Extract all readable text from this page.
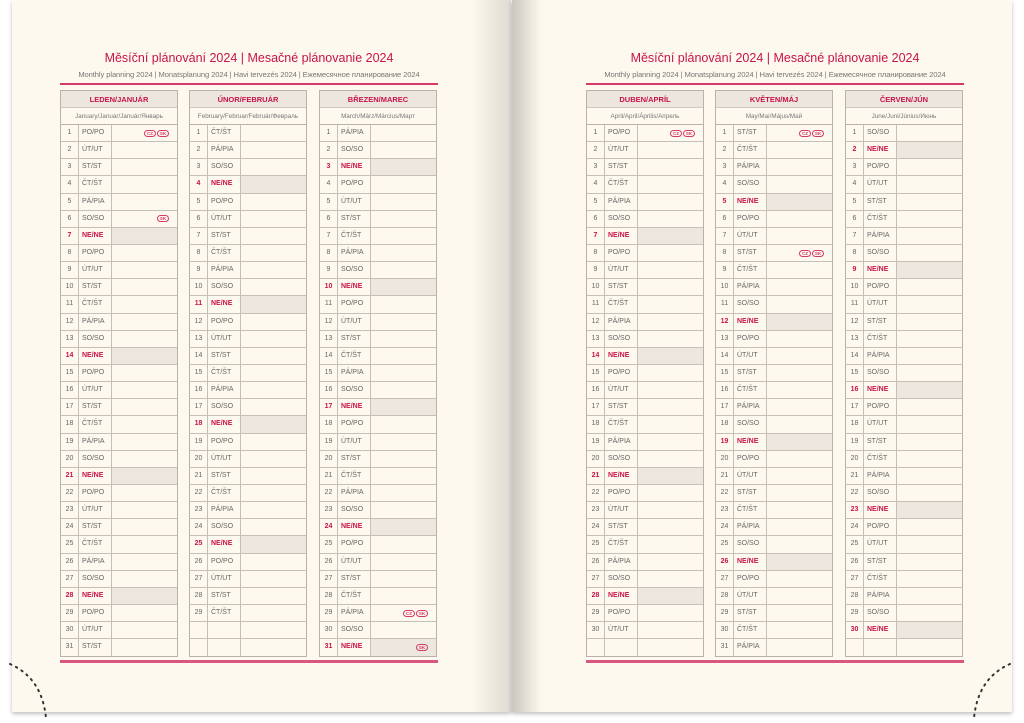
Měsíční plánování 2024 | Mesačné plánovanie 2024
Monthly planning 2024 | Monatsplanung 2024 | Havi tervezés 2024 | Ежемесячное планирование 2024
LEDEN/JANUÁR
January/Januar/Január/Январь
1	PO/PO	CZ	SK
2	ÚT/UT
3	ST/ST
4	ČT/ŠT
5	PÁ/PIA
6	SO/SO	SK
7	NE/NE
8	PO/PO
9	ÚT/UT
10	ST/ST
11	ČT/ŠT
12	PÁ/PIA
13	SO/SO
14	NE/NE
15	PO/PO
16	ÚT/UT
17	ST/ST
18	ČT/ŠT
19	PÁ/PIA
20	SO/SO
21	NE/NE
22	PO/PO
23	ÚT/UT
24	ST/ST
25	ČT/ŠT
26	PÁ/PIA
27	SO/SO
28	NE/NE
29	PO/PO
30	ÚT/UT
31	ST/ST
ÚNOR/FEBRUÁR
February/Februar/Február/Февраль
1	ČT/ŠT
2	PÁ/PIA
3	SO/SO
4	NE/NE
5	PO/PO
6	ÚT/UT
7	ST/ST
8	ČT/ŠT
9	PÁ/PIA
10	SO/SO
11	NE/NE
12	PO/PO
13	ÚT/UT
14	ST/ST
15	ČT/ŠT
16	PÁ/PIA
17	SO/SO
18	NE/NE
19	PO/PO
20	ÚT/UT
21	ST/ST
22	ČT/ŠT
23	PÁ/PIA
24	SO/SO
25	NE/NE
26	PO/PO
27	ÚT/UT
28	ST/ST
29	ČT/ŠT
BŘEZEN/MAREC
March/März/Március/Март
1	PÁ/PIA
2	SO/SO
3	NE/NE
4	PO/PO
5	ÚT/UT
6	ST/ST
7	ČT/ŠT
8	PÁ/PIA
9	SO/SO
10	NE/NE
11	PO/PO
12	ÚT/UT
13	ST/ST
14	ČT/ŠT
15	PÁ/PIA
16	SO/SO
17	NE/NE
18	PO/PO
19	ÚT/UT
20	ST/ST
21	ČT/ŠT
22	PÁ/PIA
23	SO/SO
24	NE/NE
25	PO/PO
26	ÚT/UT
27	ST/ST
28	ČT/ŠT
29	PÁ/PIA	CZ	SK
30	SO/SO
31	NE/NE	SK
Měsíční plánování 2024 | Mesačné plánovanie 2024
Monthly planning 2024 | Monatsplanung 2024 | Havi tervezés 2024 | Ежемесячное планирование 2024
DUBEN/APRÍL
April/April/Április/Апрель
1	PO/PO	CZ	SK
2	ÚT/UT
3	ST/ST
4	ČT/ŠT
5	PÁ/PIA
6	SO/SO
7	NE/NE
8	PO/PO
9	ÚT/UT
10	ST/ST
11	ČT/ŠT
12	PÁ/PIA
13	SO/SO
14	NE/NE
15	PO/PO
16	ÚT/UT
17	ST/ST
18	ČT/ŠT
19	PÁ/PIA
20	SO/SO
21	NE/NE
22	PO/PO
23	ÚT/UT
24	ST/ST
25	ČT/ŠT
26	PÁ/PIA
27	SO/SO
28	NE/NE
29	PO/PO
30	ÚT/UT
KVĚTEN/MÁJ
May/Mai/Május/Май
1	ST/ST	CZ	SK
2	ČT/ŠT
3	PÁ/PIA
4	SO/SO
5	NE/NE
6	PO/PO
7	ÚT/UT
8	ST/ST	CZ	SK
9	ČT/ŠT
10	PÁ/PIA
11	SO/SO
12	NE/NE
13	PO/PO
14	ÚT/UT
15	ST/ST
16	ČT/ŠT
17	PÁ/PIA
18	SO/SO
19	NE/NE
20	PO/PO
21	ÚT/UT
22	ST/ST
23	ČT/ŠT
24	PÁ/PIA
25	SO/SO
26	NE/NE
27	PO/PO
28	ÚT/UT
29	ST/ST
30	ČT/ŠT
31	PÁ/PIA
ČERVEN/JÚN
June/Juni/Június/Июнь
1	SO/SO
2	NE/NE
3	PO/PO
4	ÚT/UT
5	ST/ST
6	ČT/ŠT
7	PÁ/PIA
8	SO/SO
9	NE/NE
10	PO/PO
11	ÚT/UT
12	ST/ST
13	ČT/ŠT
14	PÁ/PIA
15	SO/SO
16	NE/NE
17	PO/PO
18	ÚT/UT
19	ST/ST
20	ČT/ŠT
21	PÁ/PIA
22	SO/SO
23	NE/NE
24	PO/PO
25	ÚT/UT
26	ST/ST
27	ČT/ŠT
28	PÁ/PIA
29	SO/SO
30	NE/NE
